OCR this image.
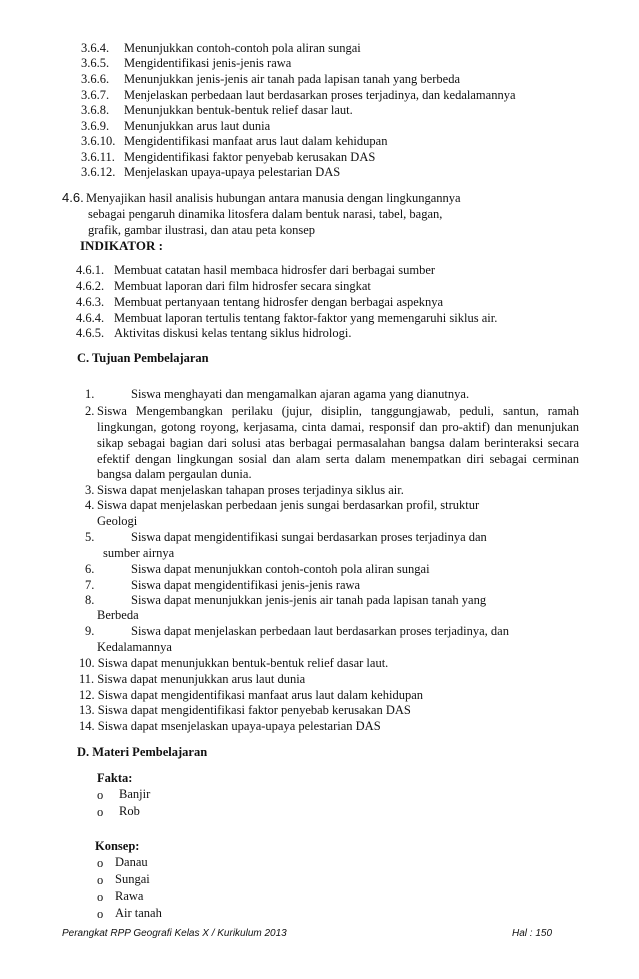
3.6.4. Menunjukkan contoh-contoh pola aliran sungai
3.6.5. Mengidentifikasi jenis-jenis rawa
3.6.6. Menunjukkan jenis-jenis air tanah pada lapisan tanah yang berbeda
3.6.7. Menjelaskan perbedaan laut berdasarkan proses terjadinya, dan kedalamannya
3.6.8. Menunjukkan bentuk-bentuk relief dasar laut.
3.6.9. Menunjukkan arus laut dunia
3.6.10. Mengidentifikasi manfaat arus laut dalam kehidupan
3.6.11. Mengidentifikasi faktor penyebab kerusakan DAS
3.6.12. Menjelaskan upaya-upaya pelestarian DAS
4.6. Menyajikan hasil analisis hubungan antara manusia dengan lingkungannya
sebagai pengaruh dinamika litosfera dalam bentuk narasi, tabel, bagan,
grafik, gambar ilustrasi, dan atau peta konsep
INDIKATOR :
4.6.1. Membuat catatan hasil membaca hidrosfer dari berbagai sumber
4.6.2. Membuat laporan dari film hidrosfer secara singkat
4.6.3. Membuat pertanyaan tentang hidrosfer dengan berbagai aspeknya
4.6.4. Membuat laporan tertulis tentang faktor-faktor yang memengaruhi siklus air.
4.6.5. Aktivitas diskusi kelas tentang siklus hidrologi.
C. Tujuan Pembelajaran
1.	Siswa menghayati dan mengamalkan ajaran agama yang dianutnya.
2. Siswa Mengembangkan perilaku (jujur, disiplin, tanggungjawab, peduli, santun, ramah
lingkungan, gotong royong, kerjasama, cinta damai, responsif dan pro-aktif) dan menunjukan
sikap sebagai bagian dari solusi atas berbagai permasalahan bangsa dalam berinteraksi secara
efektif dengan lingkungan sosial dan alam serta dalam menempatkan diri sebagai cerminan
bangsa dalam pergaulan dunia.
3. Siswa dapat menjelaskan tahapan proses terjadinya siklus air.
4. Siswa dapat menjelaskan perbedaan jenis sungai berdasarkan profil, struktur
Geologi
5.	Siswa dapat mengidentifikasi sungai berdasarkan proses terjadinya dan
sumber airnya
6.	Siswa dapat menunjukkan contoh-contoh pola aliran sungai
7.	Siswa dapat mengidentifikasi jenis-jenis rawa
8.	Siswa dapat menunjukkan jenis-jenis air tanah pada lapisan tanah yang
Berbeda
9.	Siswa dapat menjelaskan perbedaan laut berdasarkan proses terjadinya, dan
Kedalamannya
10. Siswa dapat menunjukkan bentuk-bentuk relief dasar laut.
11. Siswa dapat menunjukkan arus laut dunia
12. Siswa dapat mengidentifikasi manfaat arus laut dalam kehidupan
13. Siswa dapat mengidentifikasi faktor penyebab kerusakan DAS
14. Siswa dapat msenjelaskan upaya-upaya pelestarian DAS
D. Materi Pembelajaran
Fakta:
o Banjir
o Rob
Konsep:
o Danau
o Sungai
o Rawa
o Air tanah
Perangkat RPP Geografi Kelas X / Kurikulum 2013	Hal : 150
